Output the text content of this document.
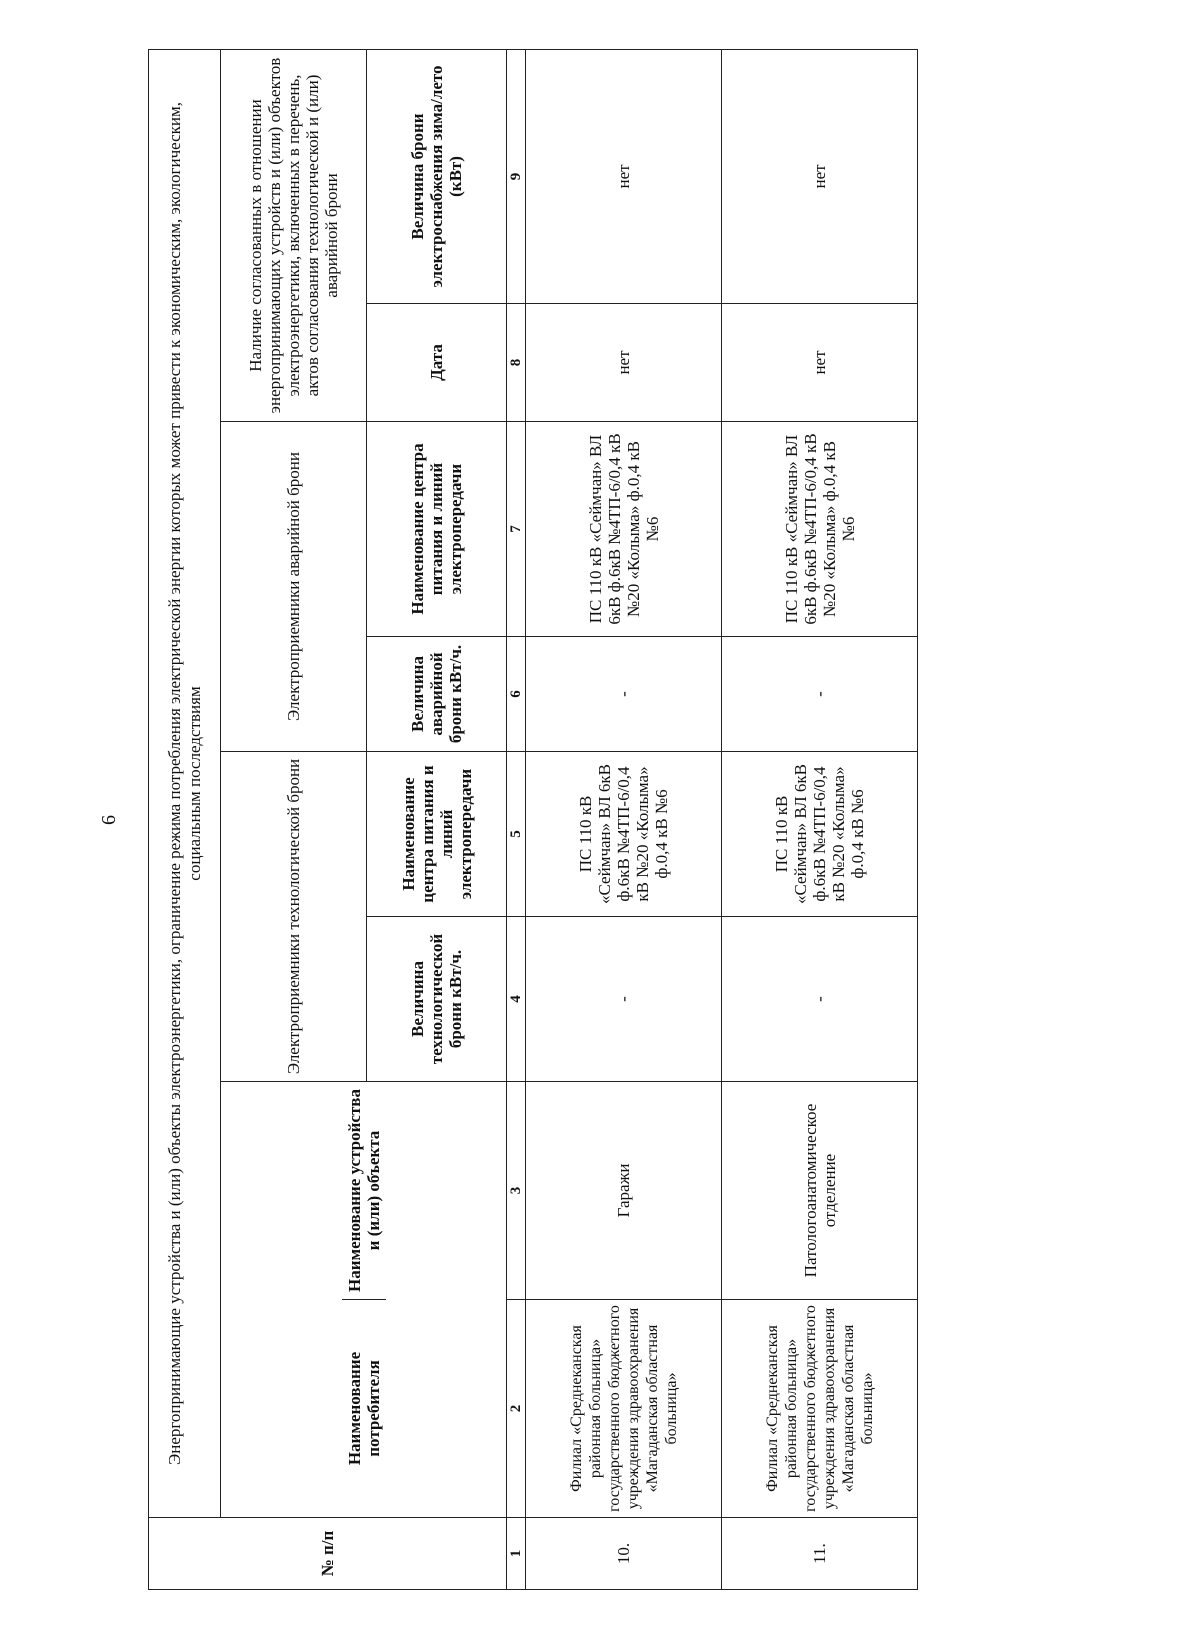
6
№ п/п	Энергопринимающие устройства и (или) объекты электроэнергетики, ограничение режима потребления электрической энергии которых может привести к экономическим, экологическим, социальным последствиям

Наименование потребителя	Наименование устройства и (или) объекта
	Электроприемники технологической брони	Электроприемники аварийной брони	Наличие согласованных в отношении энергопринимающих устройств и (или) объектов электроэнергетики, включенных в перечень, актов согласования технологической и (или) аварийной брони
Величина технологической брони кВт/ч.	Наименование центра питания и линий электропередачи	Величина аварийной брони кВт/ч.	Наименование центра питания и линий электропередачи	Дата	Величина брони электроснабжения зима/лето (кВт)
1	2	3	4	5	6	7	8	9
10.	Филиал «Среднеканская районная больница» государственного бюджетного учреждения здравоохранения «Магаданская областная больница»	Гаражи	-	ПС 110 кВ «Сеймчан» ВЛ 6кВ ф.6кВ №4ТП-6/0,4 кВ №20 «Колыма» ф.0,4 кВ №6	-	ПС 110 кВ «Сеймчан» ВЛ 6кВ ф.6кВ №4ТП-6/0,4 кВ №20 «Колыма» ф.0,4 кВ №6	нет	нет
11.	Филиал «Среднеканская районная больница» государственного бюджетного учреждения здравоохранения «Магаданская областная больница»	Патологоанатомическое отделение	-	ПС 110 кВ «Сеймчан» ВЛ 6кВ ф.6кВ №4ТП-6/0,4 кВ №20 «Колыма» ф.0,4 кВ №6	-	ПС 110 кВ «Сеймчан» ВЛ 6кВ ф.6кВ №4ТП-6/0,4 кВ №20 «Колыма» ф.0,4 кВ №6	нет	нет
